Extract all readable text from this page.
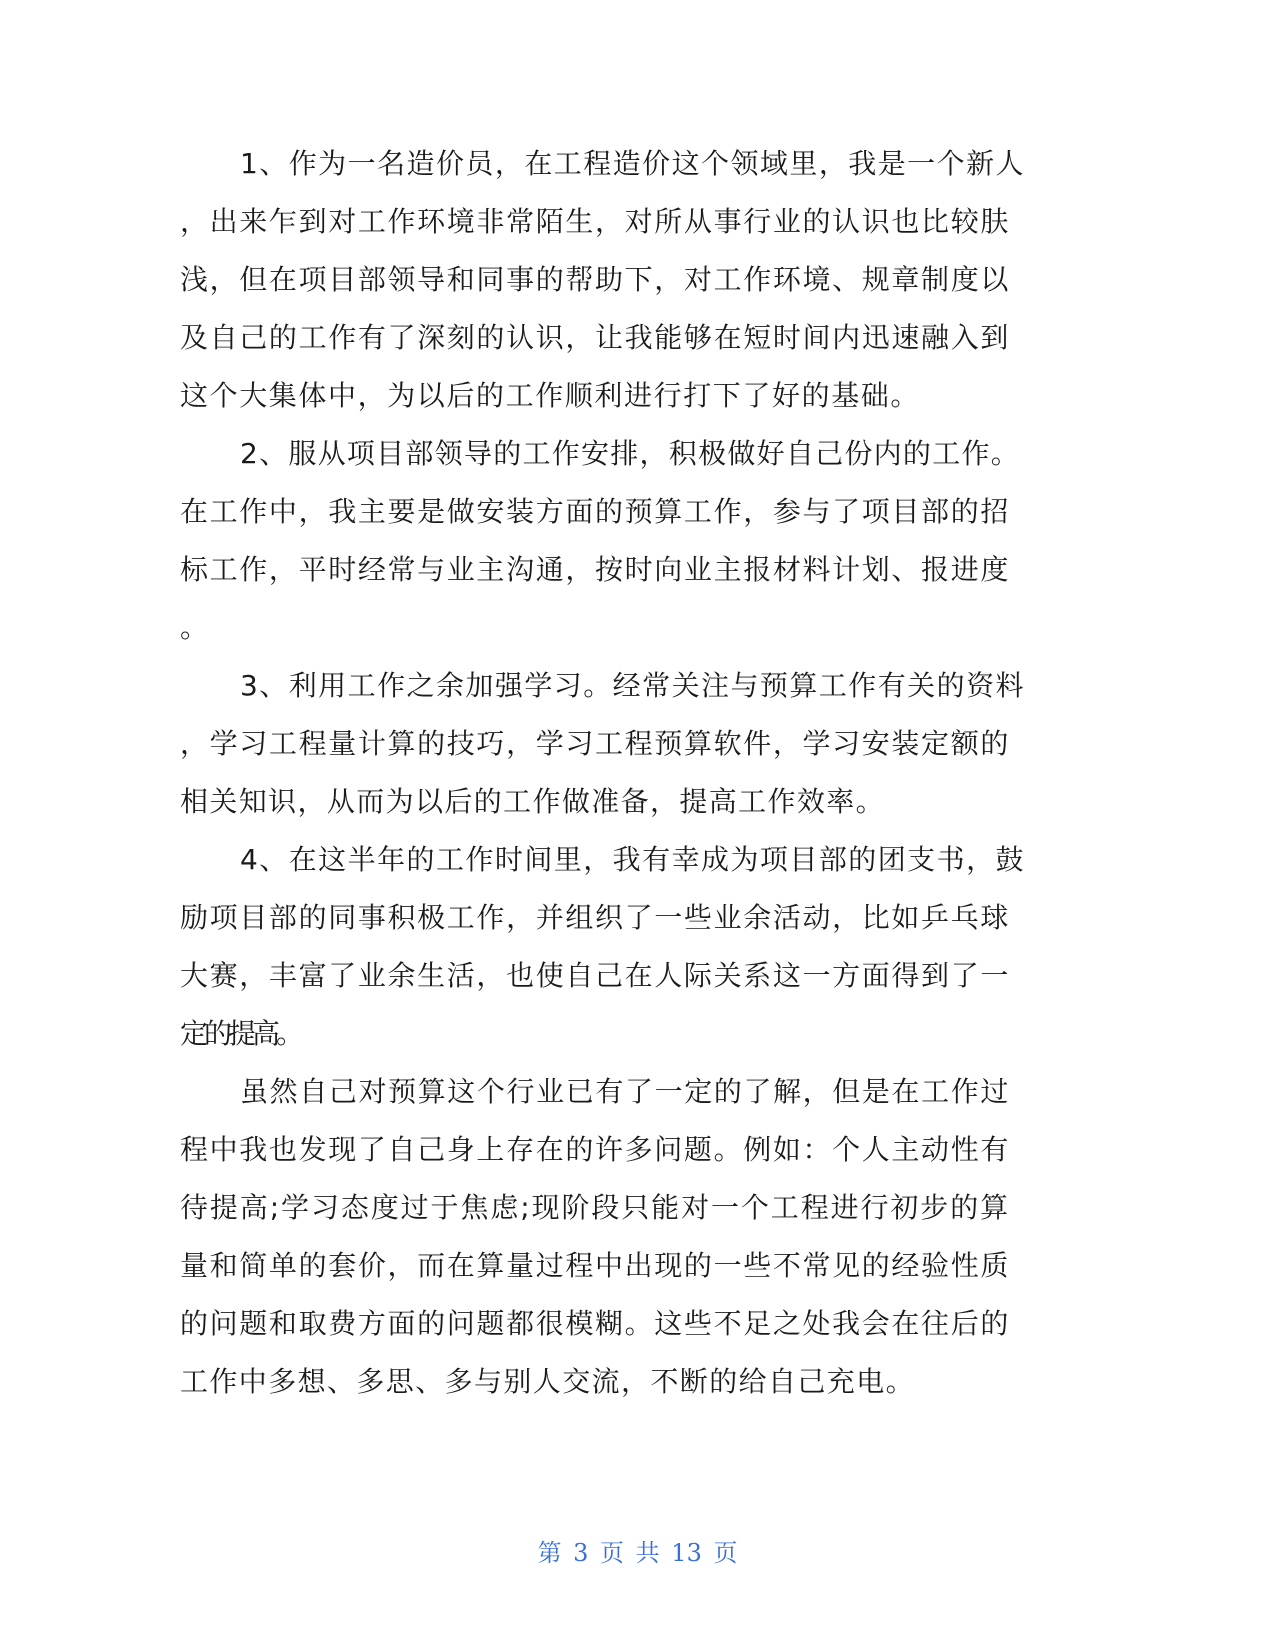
1、作为一名造价员，在工程造价这个领域里，我是一个新人
，出来乍到对工作环境非常陌生，对所从事行业的认识也比较肤
浅，但在项目部领导和同事的帮助下，对工作环境、规章制度以
及自己的工作有了深刻的认识，让我能够在短时间内迅速融入到
这个大集体中，为以后的工作顺利进行打下了好的基础。
2、服从项目部领导的工作安排，积极做好自己份内的工作。
在工作中，我主要是做安装方面的预算工作，参与了项目部的招
标工作，平时经常与业主沟通，按时向业主报材料计划、报进度
。
3、利用工作之余加强学习。经常关注与预算工作有关的资料
，学习工程量计算的技巧，学习工程预算软件，学习安装定额的
相关知识，从而为以后的工作做准备，提高工作效率。
4、在这半年的工作时间里，我有幸成为项目部的团支书，鼓
励项目部的同事积极工作，并组织了一些业余活动，比如乒乓球
大赛，丰富了业余生活，也使自己在人际关系这一方面得到了一
定的提高。
虽然自己对预算这个行业已有了一定的了解，但是在工作过
程中我也发现了自己身上存在的许多问题。例如：个人主动性有
待提高;学习态度过于焦虑;现阶段只能对一个工程进行初步的算
量和简单的套价，而在算量过程中出现的一些不常见的经验性质
的问题和取费方面的问题都很模糊。这些不足之处我会在往后的
工作中多想、多思、多与别人交流，不断的给自己充电。
第 3 页 共 13 页
